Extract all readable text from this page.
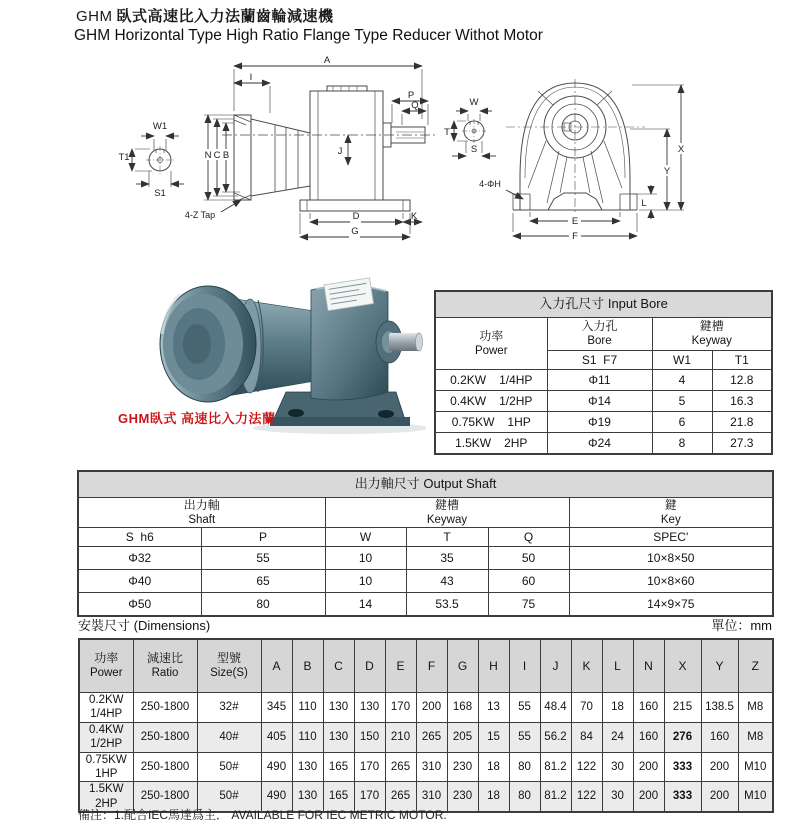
GHM 臥式高速比入力法蘭齒輪減速機
GHM Horizontal Type High Ratio Flange Type Reducer Withot Motor
A
I
P
Q
J
D	K
G
N C B
W1
T1
S1
4-Z Tap
W
T
S
E
F
X
Y
L
4-ΦH
GHM臥式 高速比入力法蘭
入力孔尺寸 Input Bore			

功率
Power	入力孔
Bore	鍵槽
Keyway	

	S1  F7	W1	T1

0.2KW 1/4HP	Φ11	4	12.8

0.4KW 1/2HP	Φ14	5	16.3

0.75KW 1HP	Φ19	6	21.8

1.5KW 2HP	Φ24	8	27.3
出力軸尺寸 Output Shaft					

出力軸
Shaft		鍵槽
Keyway			鍵
Key

S  h6	P	W	T	Q	SPEC'
Φ32	55	10	35	50	10×8×50
Φ40	65	10	43	60	10×8×60
Φ50	80	14	53.5	75	14×9×75
安裝尺寸 (Dimensions)	單位：mm
功率
Power	減速比
Ratio	型號
Size(S)	A	B	C	D	E	F	G	H	I	J	K	L	N	X	Y	Z

0.2KW
1/4HP	250-1800	32#	345	110	130	130	170	200	168	13	55	48.4	70	18	160	215	138.5	M8

0.4KW
1/2HP	250-1800	40#	405	110	130	150	210	265	205	15	55	56.2	84	24	160	276	160	M8

0.75KW
1HP	250-1800	50#	490	130	165	170	265	310	230	18	80	81.2	122	30	200	333	200	M10

1.5KW
2HP	250-1800	50#	490	130	165	170	265	310	230	18	80	81.2	122	30	200	333	200	M10
備注：1.配合IEC馬達爲主． AVAILABLE FOR IEC METRIC MOTOR.
